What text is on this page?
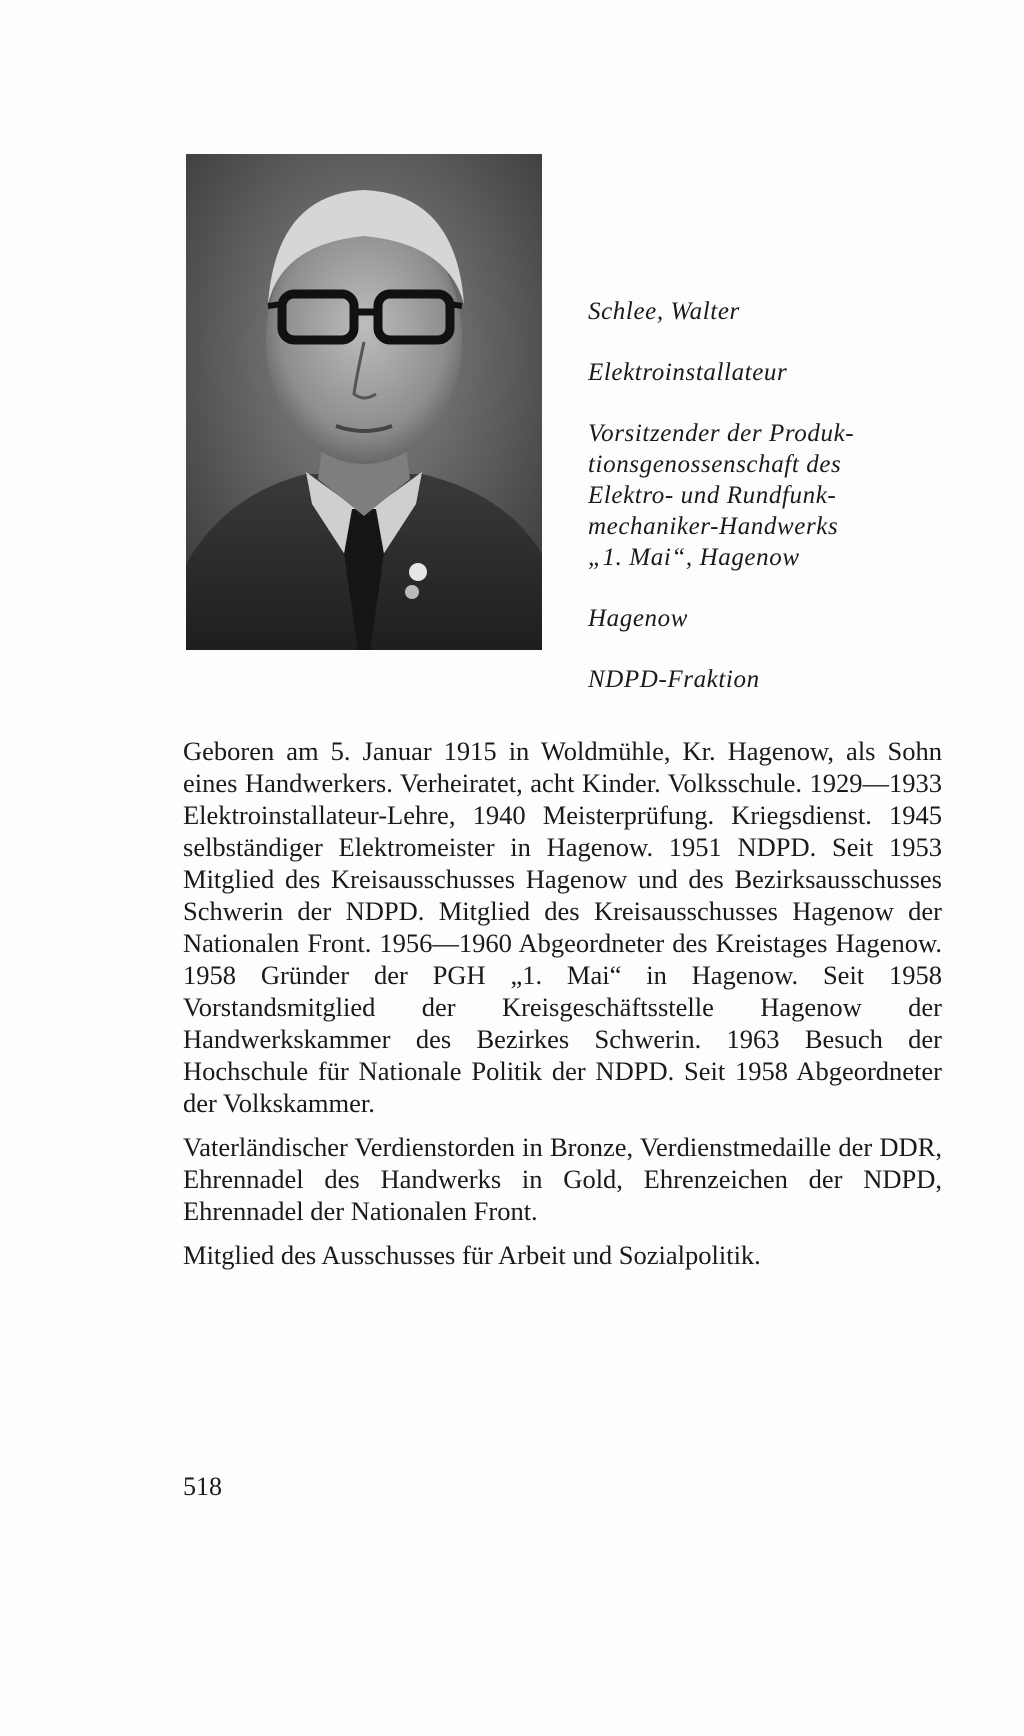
Schlee, Walter

Elektroinstallateur

Vorsitzender der Produk-
tionsgenossenschaft des
Elektro- und Rundfunk-
mechaniker-Handwerks
„1. Mai“, Hagenow

Hagenow

NDPD-Fraktion

Geboren am 5. Januar 1915 in Woldmühle, Kr. Hagenow, als Sohn eines Handwerkers. Verheiratet, acht Kinder. Volksschule. 1929—1933 Elektroinstallateur-Lehre, 1940 Meisterprüfung. Kriegsdienst. 1945 selbständiger Elektromeister in Hagenow. 1951 NDPD. Seit 1953 Mitglied des Kreisausschusses Hagenow und des Bezirksausschusses Schwerin der NDPD. Mitglied des Kreisausschusses Hagenow der Nationalen Front. 1956—1960 Abgeordneter des Kreistages Hagenow. 1958 Gründer der PGH „1. Mai“ in Hagenow. Seit 1958 Vorstandsmitglied der Kreisgeschäftsstelle Hagenow der Handwerkskammer des Bezirkes Schwerin. 1963 Besuch der Hochschule für Nationale Politik der NDPD. Seit 1958 Abgeordneter der Volkskammer.

Vaterländischer Verdienstorden in Bronze, Verdienstmedaille der DDR, Ehrennadel des Handwerks in Gold, Ehrenzeichen der NDPD, Ehrennadel der Nationalen Front.

Mitglied des Ausschusses für Arbeit und Sozialpolitik.

518
